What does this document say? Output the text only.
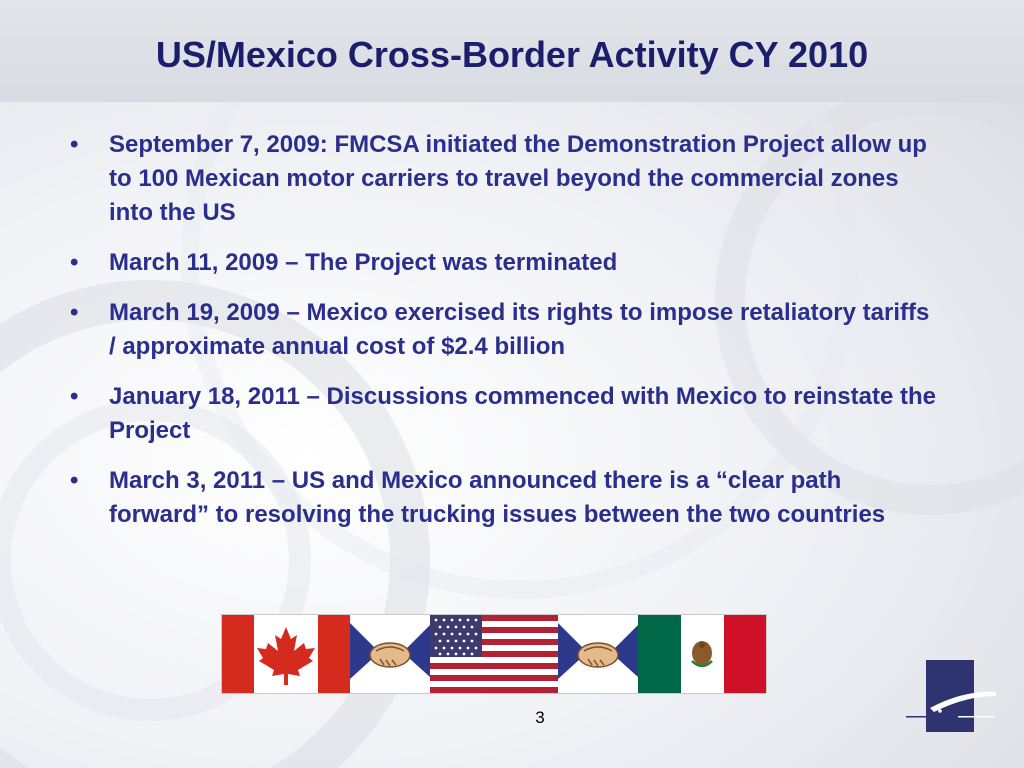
US/Mexico Cross-Border Activity CY 2010
•	September 7, 2009: FMCSA initiated the Demonstration Project allow up to 100 Mexican motor carriers to travel beyond the commercial zones into the US
•	March 11, 2009 – The Project was terminated
•	March 19, 2009 – Mexico exercised its rights to impose retaliatory tariffs / approximate annual cost of $2.4 billion
•	January 18, 2011 – Discussions commenced with Mexico to reinstate the Project
•	March 3, 2011 – US and Mexico announced there is a “clear path forward” to resolving the trucking issues between the two countries
3
